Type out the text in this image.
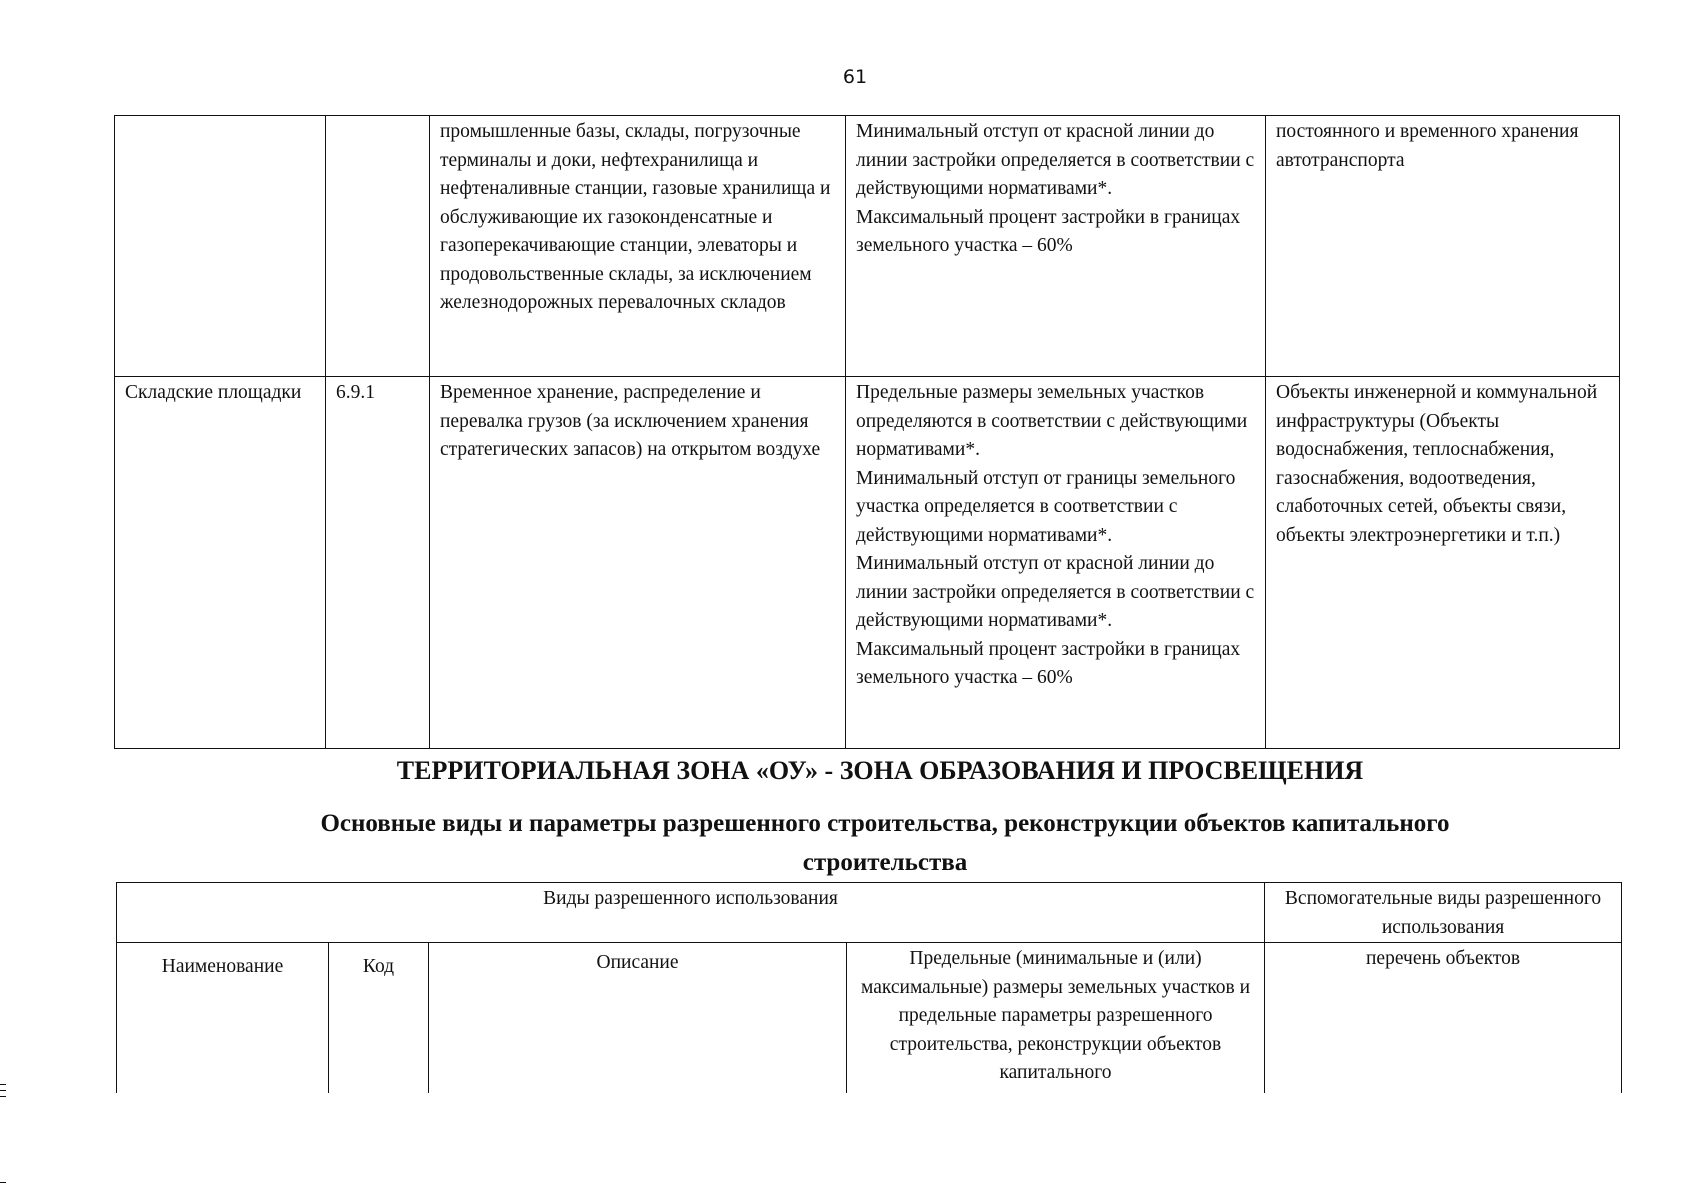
61
		промышленные базы, склады, погрузочные терминалы и доки, нефтехранилища и нефтеналивные станции, газовые хранилища и обслуживающие их газоконденсатные и газоперекачивающие станции, элеваторы и продовольственные склады, за исключением железнодорожных перевалочных складов	Минимальный отступ от красной линии до линии застройки определяется в соответствии с действующими нормативами*.
Максимальный процент застройки в границах земельного участка – 60%	постоянного и временного хранения автотранспорта
Складские площадки	6.9.1	Временное хранение, распределение и перевалка грузов (за исключением хранения стратегических запасов) на открытом воздухе	Предельные размеры земельных участков определяются в соответствии с действующими нормативами*.
Минимальный отступ от границы земельного участка определяется в соответствии с действующими нормативами*.
Минимальный отступ от красной линии до линии застройки определяется в соответствии с действующими нормативами*.
Максимальный процент застройки в границах земельного участка – 60%	Объекты инженерной и коммунальной инфраструктуры (Объекты водоснабжения, теплоснабжения, газоснабжения, водоотведения, слаботочных сетей, объекты связи, объекты электроэнергетики и т.п.)
ТЕРРИТОРИАЛЬНАЯ ЗОНА «ОУ» - ЗОНА ОБРАЗОВАНИЯ И ПРОСВЕЩЕНИЯ
Основные виды и параметры разрешенного строительства, реконструкции объектов капитального строительства
Виды разрешенного использования				Вспомогательные виды разрешенного использования
Наименование	Код	Описание	Предельные (минимальные и (или) максимальные) размеры земельных участков и предельные параметры разрешенного строительства, реконструкции объектов капитального	перечень объектов
